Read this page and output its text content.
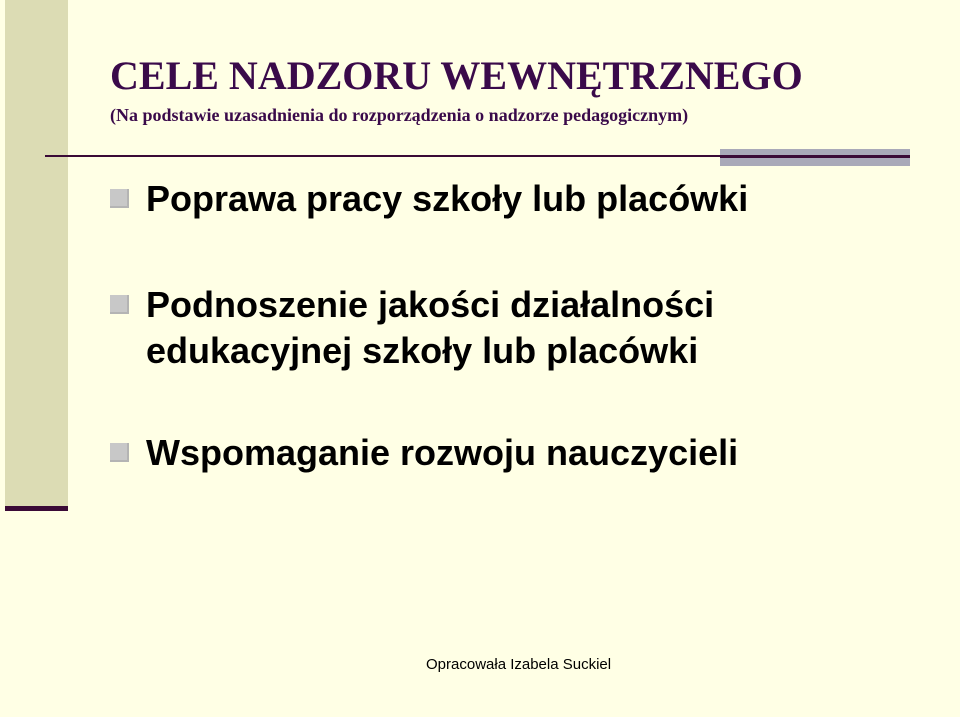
CELE NADZORU WEWNĘTRZNEGO

(Na podstawie uzasadnienia do rozporządzenia o nadzorze pedagogicznym)

Poprawa pracy szkoły lub placówki
Podnoszenie jakości działalności
edukacyjnej szkoły lub placówki
Wspomaganie rozwoju nauczycieli
Opracowała Izabela Suckiel
